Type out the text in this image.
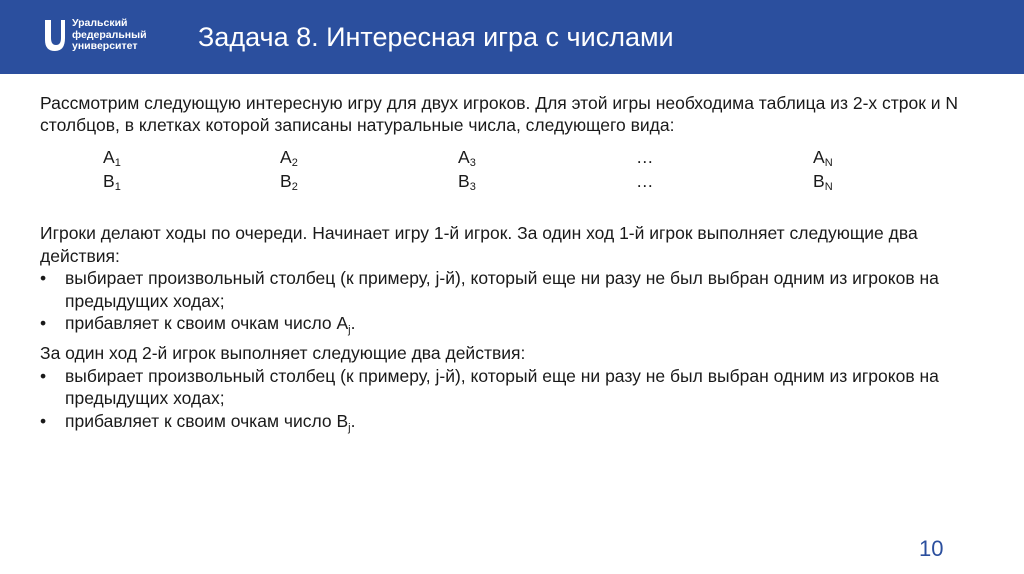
Уральский
федеральный
университет	Задача 8. Интересная игра с числами

Рассмотрим следующую интересную игру для двух игроков. Для этой игры необходима таблица из 2-х строк и N столбцов, в клетках которой записаны натуральные числа, следующего вида:

$A_1$	$A_2$	$A_3$	…	$A_N$
$B_1$	$B_2$	$B_3$	…	$B_N$

Игроки делают ходы по очереди. Начинает игру 1-й игрок. За один ход 1-й игрок выполняет следующие два действия:

• выбирает произвольный столбец (к примеру, j-й), который еще ни разу не был выбран одним из игроков на предыдущих ходах;

• прибавляет к своим очкам число $A_j$.

За один ход 2-й игрок выполняет следующие два действия:

• выбирает произвольный столбец (к примеру, j-й), который еще ни разу не был выбран одним из игроков на предыдущих ходах;

• прибавляет к своим очкам число $B_j$.

10
